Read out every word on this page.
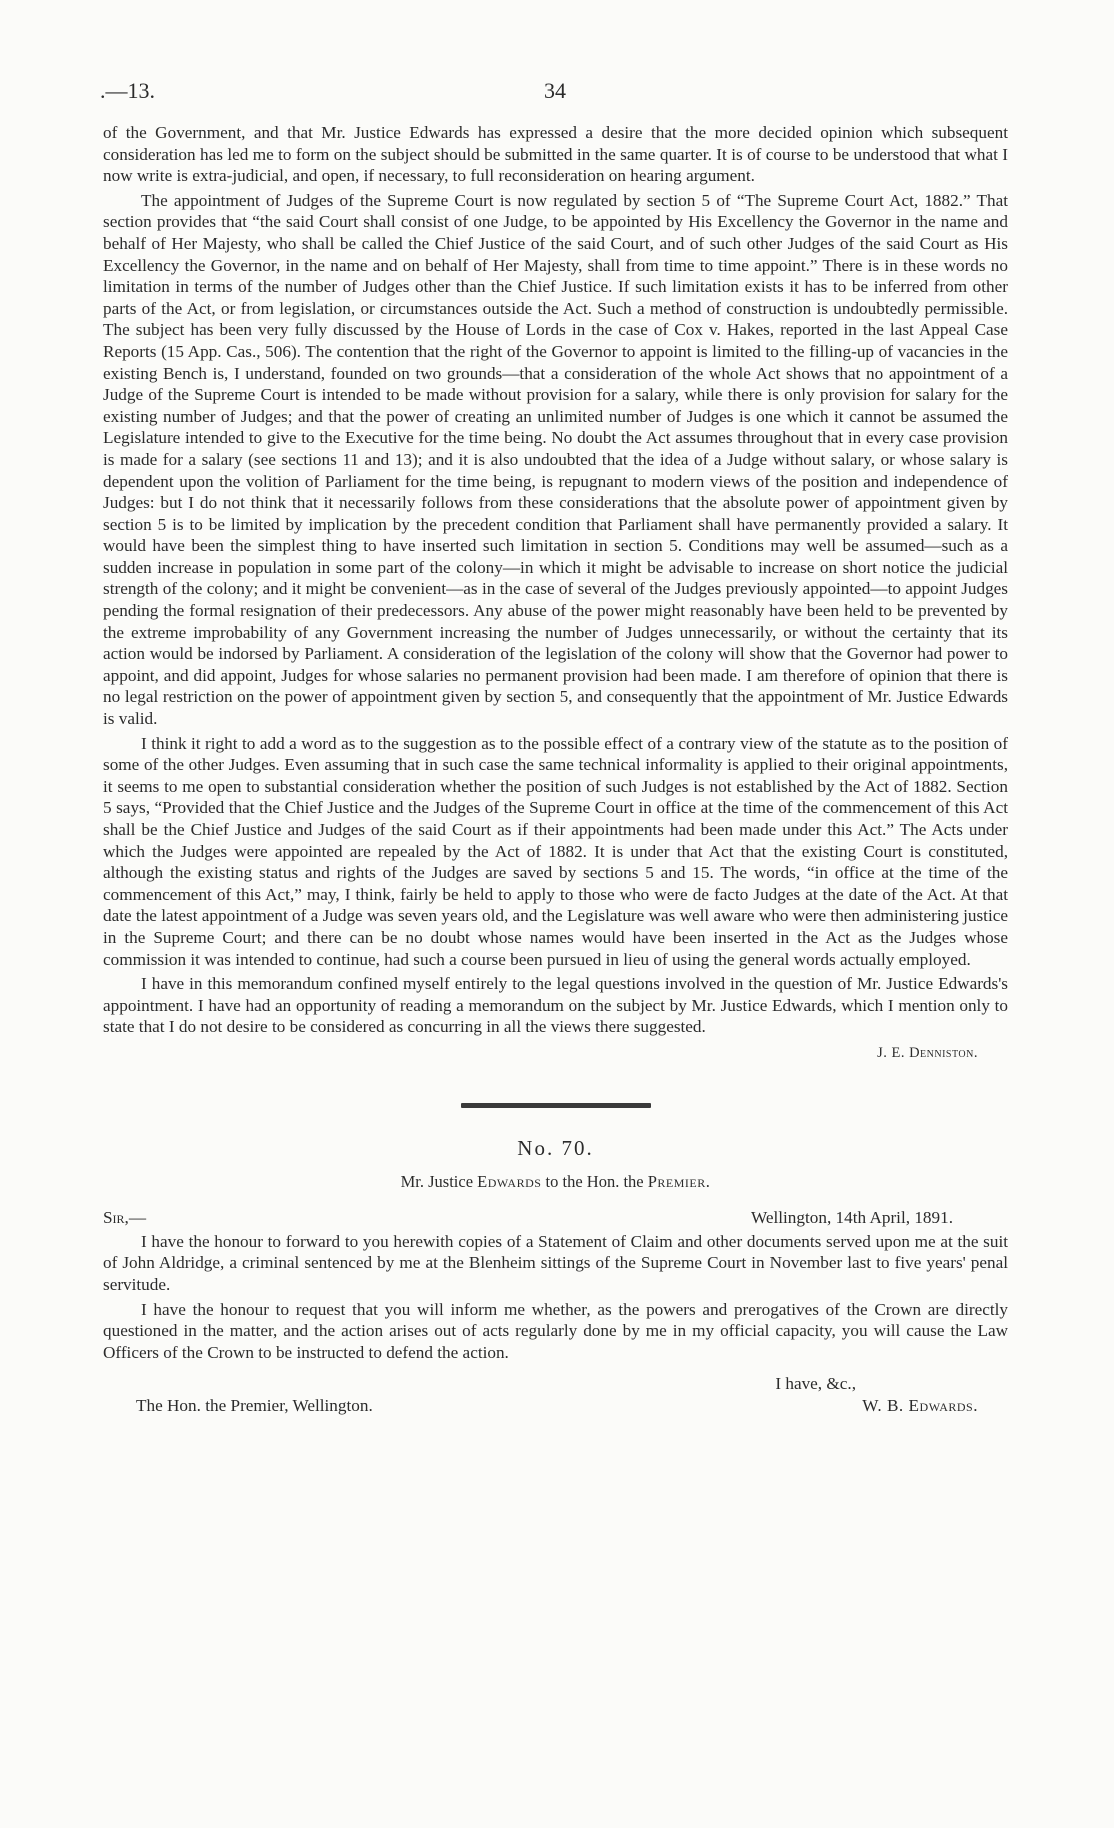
.—13.	34

of the Government, and that Mr. Justice Edwards has expressed a desire that the more decided opinion which subsequent consideration has led me to form on the subject should be submitted in the same quarter. It is of course to be understood that what I now write is extra-judicial, and open, if necessary, to full reconsideration on hearing argument.

The appointment of Judges of the Supreme Court is now regulated by section 5 of “The Supreme Court Act, 1882.” That section provides that “the said Court shall consist of one Judge, to be appointed by His Excellency the Governor in the name and behalf of Her Majesty, who shall be called the Chief Justice of the said Court, and of such other Judges of the said Court as His Excellency the Governor, in the name and on behalf of Her Majesty, shall from time to time appoint.” There is in these words no limitation in terms of the number of Judges other than the Chief Justice. If such limitation exists it has to be inferred from other parts of the Act, or from legislation, or circumstances outside the Act. Such a method of construction is undoubtedly permissible. The subject has been very fully discussed by the House of Lords in the case of Cox v. Hakes, reported in the last Appeal Case Reports (15 App. Cas., 506). The contention that the right of the Governor to appoint is limited to the filling-up of vacancies in the existing Bench is, I understand, founded on two grounds—that a consideration of the whole Act shows that no appointment of a Judge of the Supreme Court is intended to be made without provision for a salary, while there is only provision for salary for the existing number of Judges; and that the power of creating an unlimited number of Judges is one which it cannot be assumed the Legislature intended to give to the Executive for the time being. No doubt the Act assumes throughout that in every case provision is made for a salary (see sections 11 and 13); and it is also undoubted that the idea of a Judge without salary, or whose salary is dependent upon the volition of Parliament for the time being, is repugnant to modern views of the position and independence of Judges: but I do not think that it necessarily follows from these considerations that the absolute power of appointment given by section 5 is to be limited by implication by the precedent condition that Parliament shall have permanently provided a salary. It would have been the simplest thing to have inserted such limitation in section 5. Conditions may well be assumed—such as a sudden increase in population in some part of the colony—in which it might be advisable to increase on short notice the judicial strength of the colony; and it might be convenient—as in the case of several of the Judges previously appointed—to appoint Judges pending the formal resignation of their predecessors. Any abuse of the power might reasonably have been held to be prevented by the extreme improbability of any Government increasing the number of Judges unnecessarily, or without the certainty that its action would be indorsed by Parliament. A consideration of the legislation of the colony will show that the Governor had power to appoint, and did appoint, Judges for whose salaries no permanent provision had been made. I am therefore of opinion that there is no legal restriction on the power of appointment given by section 5, and consequently that the appointment of Mr. Justice Edwards is valid.

I think it right to add a word as to the suggestion as to the possible effect of a contrary view of the statute as to the position of some of the other Judges. Even assuming that in such case the same technical informality is applied to their original appointments, it seems to me open to substantial consideration whether the position of such Judges is not established by the Act of 1882. Section 5 says, “Provided that the Chief Justice and the Judges of the Supreme Court in office at the time of the commencement of this Act shall be the Chief Justice and Judges of the said Court as if their appointments had been made under this Act.” The Acts under which the Judges were appointed are repealed by the Act of 1882. It is under that Act that the existing Court is constituted, although the existing status and rights of the Judges are saved by sections 5 and 15. The words, “in office at the time of the commencement of this Act,” may, I think, fairly be held to apply to those who were de facto Judges at the date of the Act. At that date the latest appointment of a Judge was seven years old, and the Legislature was well aware who were then administering justice in the Supreme Court; and there can be no doubt whose names would have been inserted in the Act as the Judges whose commission it was intended to continue, had such a course been pursued in lieu of using the general words actually employed.

I have in this memorandum confined myself entirely to the legal questions involved in the question of Mr. Justice Edwards's appointment. I have had an opportunity of reading a memorandum on the subject by Mr. Justice Edwards, which I mention only to state that I do not desire to be considered as concurring in all the views there suggested.

J. E. Denniston.
No. 70.
Mr. Justice Edwards to the Hon. the Premier.
Sir,—	Wellington, 14th April, 1891.

I have the honour to forward to you herewith copies of a Statement of Claim and other documents served upon me at the suit of John Aldridge, a criminal sentenced by me at the Blenheim sittings of the Supreme Court in November last to five years' penal servitude.

I have the honour to request that you will inform me whether, as the powers and prerogatives of the Crown are directly questioned in the matter, and the action arises out of acts regularly done by me in my official capacity, you will cause the Law Officers of the Crown to be instructed to defend the action.

I have, &c.,
The Hon. the Premier, Wellington.	W. B. Edwards.
